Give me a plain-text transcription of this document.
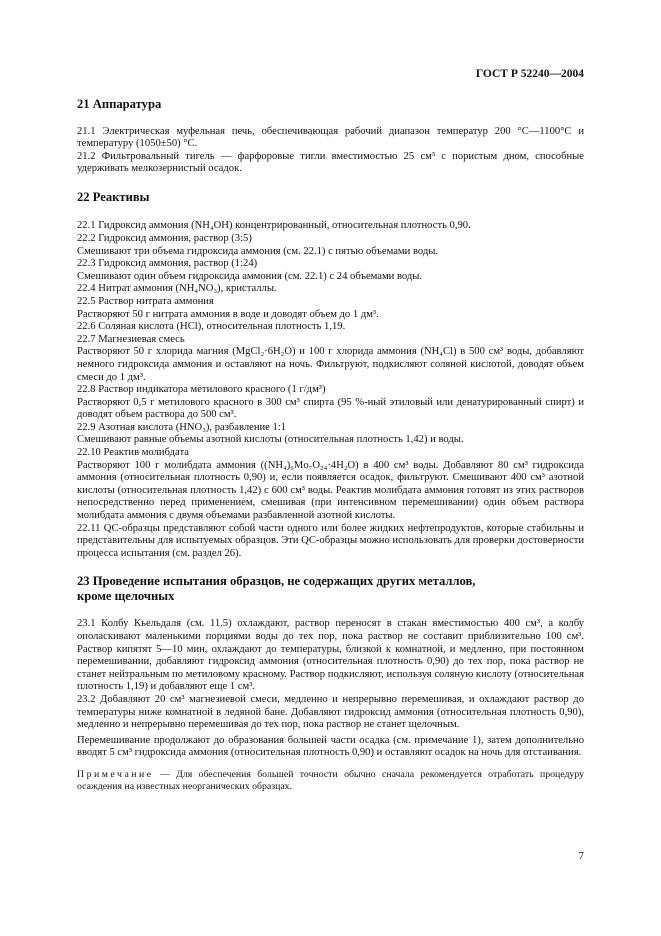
ГОСТ Р 52240—2004
21 Аппаратура

21.1 Электрическая муфельная печь, обеспечивающая рабочий диапазон температур 200 °С—1100°С и температуру (1050±50) °С.

21.2 Фильтровальный тигель — фарфоровые тигли вместимостью 25 см³ с пористым дном, способные удерживать мелкозернистый осадок.

22 Реактивы

22.1 Гидроксид аммония (NH₄OH) концентрированный, относительная плотность 0,90.

22.2 Гидроксид аммония, раствор (3:5)

Смешивают три объема гидроксида аммония (см. 22.1) с пятью объемами воды.

22.3 Гидроксид аммония, раствор (1:24)

Смешивают один объем гидроксида аммония (см. 22.1) с 24 объемами воды.

22.4 Нитрат аммония (NH₄NO₃), кристаллы.

22.5 Раствор нитрата аммония

Растворяют 50 г нитрата аммония в воде и доводят объем до 1 дм³.

22.6 Соляная кислота (HCl), относительная плотность 1,19.

22.7 Магнезиевая смесь

Растворяют 50 г хлорида магния (MgCl₂·6H₂O) и 100 г хлорида аммония (NH₄Cl) в 500 см³ воды, добавляют немного гидроксида аммония и оставляют на ночь. Фильтруют, подкисляют соляной кислотой, доводят объем смеси до 1 дм³.

22.8 Раствор индикатора метилового красного (1 г/дм³)

Растворяют 0,5 г метилового красного в 300 см³ спирта (95 %-ный этиловый или денатурированный спирт) и доводят объем раствора до 500 см³.

22.9 Азотная кислота (HNO₃), разбавление 1:1

Смешивают равные объемы азотной кислоты (относительная плотность 1,42) и воды.

22.10 Реактив молибдата

Растворяют 100 г молибдата аммония ((NH₄)₆Mo₇O₂₄·4H₂O) в 400 см³ воды. Добавляют 80 см³ гидроксида аммония (относительная плотность 0,90) и, если появляется осадок, фильтруют. Смешивают 400 см³ азотной кислоты (относительная плотность 1,42) с 600 см³ воды. Реактив молибдата аммония готовят из этих растворов непосредственно перед применением, смешивая (при интенсивном перемешивании) один объем раствора молибдата аммония с двумя объемами разбавленной азотной кислоты.

22.11 QC-образцы представляют собой части одного или более жидких нефтепродуктов, которые стабильны и представительны для испытуемых образцов. Эти QC-образцы можно использовать для проверки достоверности процесса испытания (см. раздел 26).

23 Проведение испытания образцов, не содержащих других металлов,
кроме щелочных

23.1 Колбу Кьельдаля (см. 11.5) охлаждают, раствор переносят в стакан вместимостью 400 см³, а колбу ополаскивают маленькими порциями воды до тех пор, пока раствор не составит приблизительно 100 см³. Раствор кипятят 5—10 мин, охлаждают до температуры, близкой к комнатной, и медленно, при постоянном перемешивании, добавляют гидроксид аммония (относительная плотность 0,90) до тех пор, пока раствор не станет нейтральным по метиловому красному. Раствор подкисляют, используя соляную кислоту (относительная плотность 1,19) и добавляют еще 1 см³.

23.2 Добавляют 20 см³ магнезиевой смеси, медленно и непрерывно перемешивая, и охлаждают раствор до температуры ниже комнатной в ледяной бане. Добавляют гидроксид аммония (относительная плотность 0,90), медленно и непрерывно перемешивая до тех пор, пока раствор не станет щелочным.

Перемешивание продолжают до образования большей части осадка (см. примечание 1), затем дополнительно вводят 5 см³ гидроксида аммония (относительная плотность 0,90) и оставляют осадок на ночь для отстаивания.

Примечание — Для обеспечения большей точности обычно сначала рекомендуется отработать процедуру осаждения на известных неорганических образцах.

7
